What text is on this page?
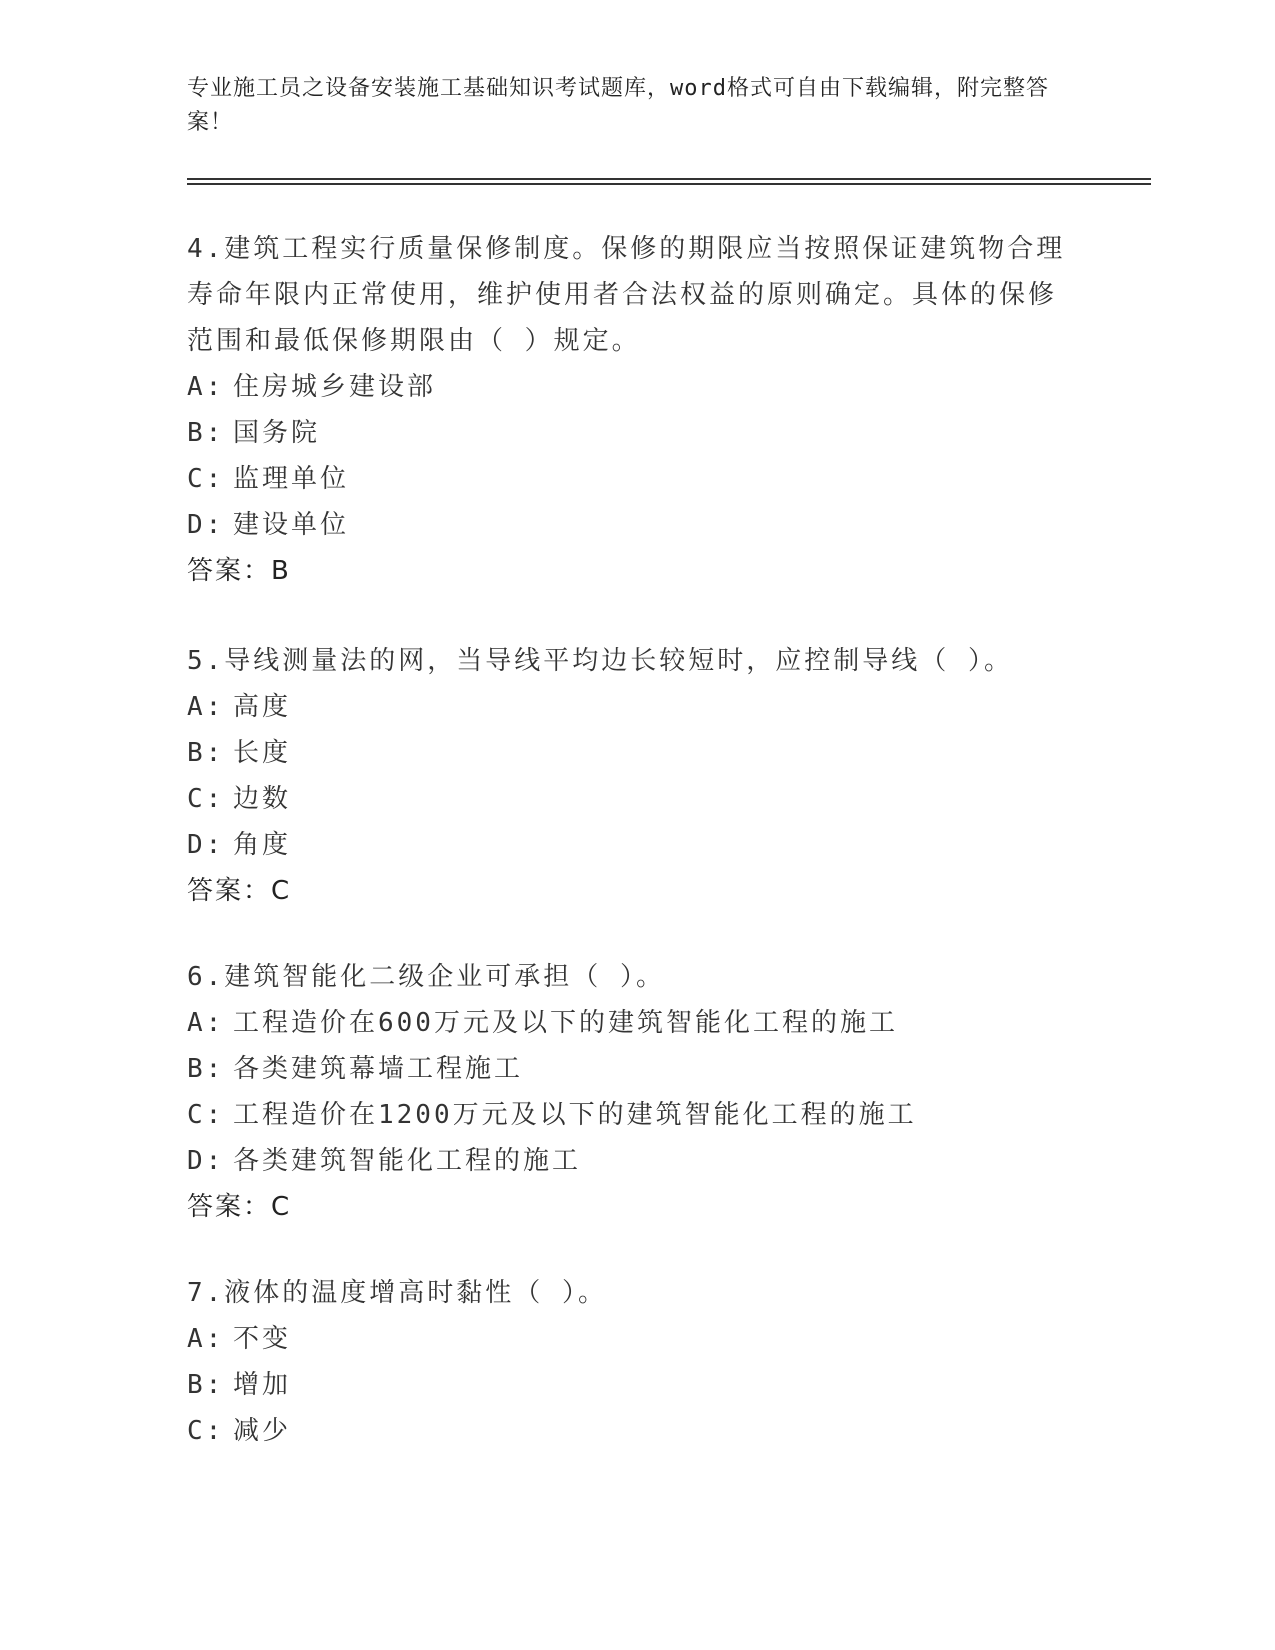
专业施工员之设备安装施工基础知识考试题库，word格式可自由下载编辑，附完整答案！
4.建筑工程实行质量保修制度。保修的期限应当按照保证建筑物合理寿命年限内正常使用，维护使用者合法权益的原则确定。具体的保修范围和最低保修期限由（ ）规定。
A: 住房城乡建设部
B: 国务院
C: 监理单位
D: 建设单位
答案：B
5.导线测量法的网，当导线平均边长较短时，应控制导线（ ）。
A: 高度
B: 长度
C: 边数
D: 角度
答案：C
6.建筑智能化二级企业可承担（ ）。
A: 工程造价在600万元及以下的建筑智能化工程的施工
B: 各类建筑幕墙工程施工
C: 工程造价在1200万元及以下的建筑智能化工程的施工
D: 各类建筑智能化工程的施工
答案：C
7.液体的温度增高时黏性（ ）。
A: 不变
B: 增加
C: 减少
